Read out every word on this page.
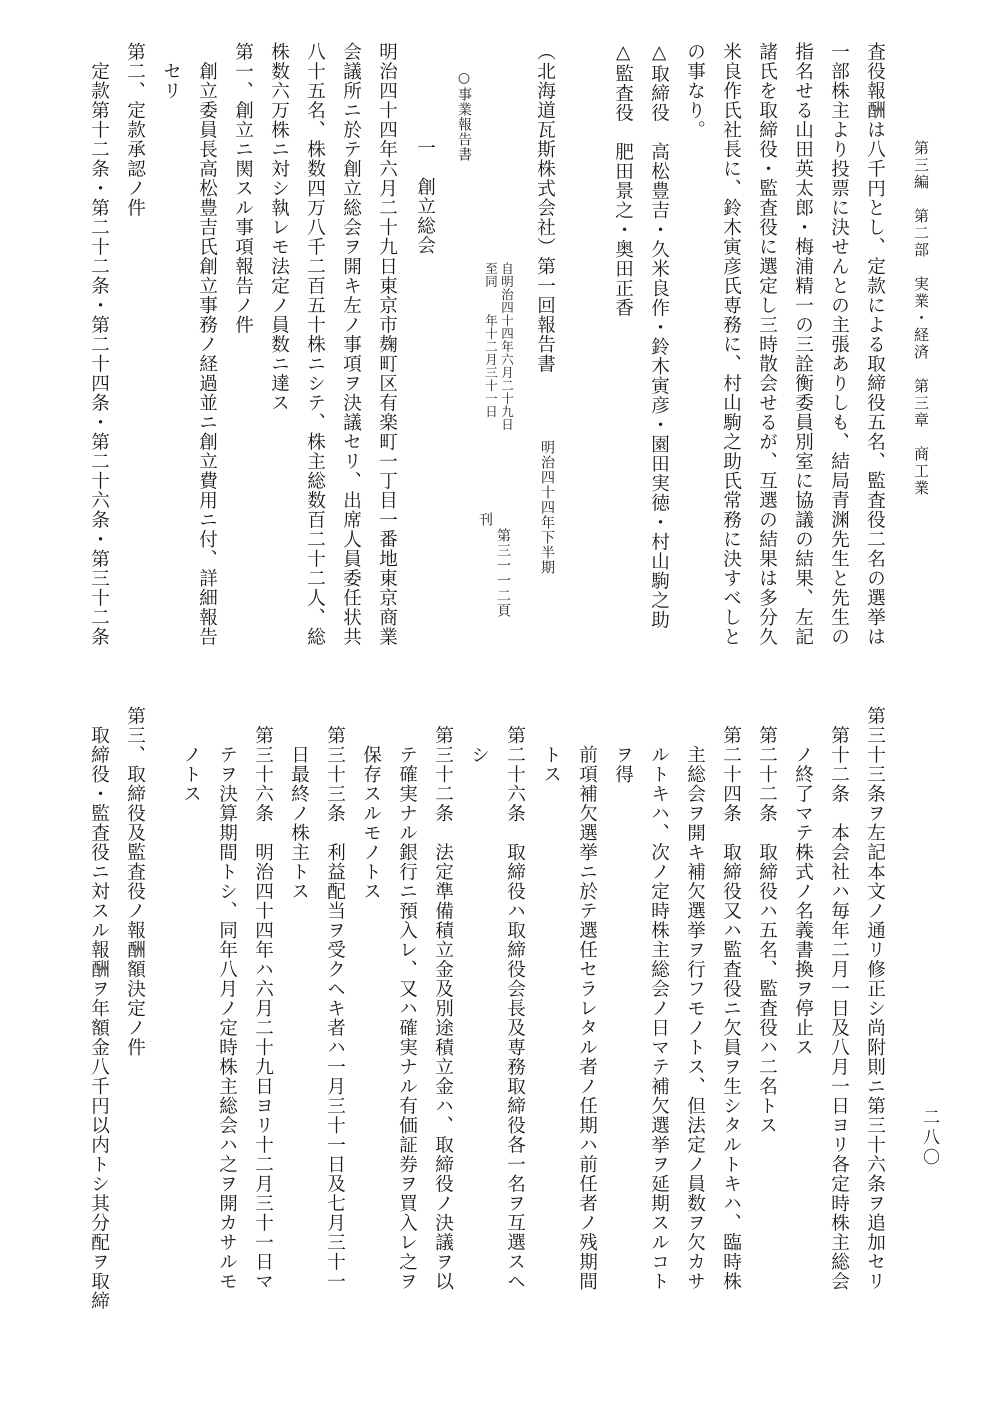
第三編　第二部　実業・経済　第三章　商工業
二八〇
査役報酬は八千円とし、定款による取締役五名、監査役二名の選挙は
一部株主より投票に決せんとの主張ありしも、結局青渊先生と先生の
指名せる山田英太郎・梅浦精一の三詮衡委員別室に協議の結果、左記
諸氏を取締役・監査役に選定し三時散会せるが、互選の結果は多分久
米良作氏社長に、鈴木寅彦氏専務に、村山駒之助氏常務に決すべしと
の事なり。
△取締役　高松豊吉・久米良作・鈴木寅彦・園田実徳・村山駒之助
△監査役　肥田景之・奥田正香
（北海道瓦斯株式会社）第一回報告書
明治四十四年下半期
自明治四十四年六月二十九日
至同　　年十二月三十一日
第三一一二頁
刊
○事業報告書
一　創立総会
明治四十四年六月二十九日東京市麹町区有楽町一丁目一番地東京商業
会議所ニ於テ創立総会ヲ開キ左ノ事項ヲ決議セリ、出席人員委任状共
八十五名、株数四万八千二百五十株ニシテ、株主総数百二十二人、総
株数六万株ニ対シ執レモ法定ノ員数ニ達ス
第一、創立ニ関スル事項報告ノ件
　創立委員長高松豊吉氏創立事務ノ経過並ニ創立費用ニ付、詳細報告
　セリ
第二、定款承認ノ件
　定款第十二条・第二十二条・第二十四条・第二十六条・第三十二条
第三十三条ヲ左記本文ノ通リ修正シ尚附則ニ第三十六条ヲ追加セリ
　第十二条　本会社ハ毎年二月一日及八月一日ヨリ各定時株主総会
　　ノ終了マテ株式ノ名義書換ヲ停止ス
　第二十二条　取締役ハ五名、監査役ハ二名トス
　第二十四条　取締役又ハ監査役ニ欠員ヲ生シタルトキハ、臨時株
　　主総会ヲ開キ補欠選挙ヲ行フモノトス、但法定ノ員数ヲ欠カサ
　　ルトキハ、次ノ定時株主総会ノ日マテ補欠選挙ヲ延期スルコト
　　ヲ得
　　前項補欠選挙ニ於テ選任セラレタル者ノ任期ハ前任者ノ残期間
　　トス
　第二十六条　取締役ハ取締役会長及専務取締役各一名ヲ互選スヘ
　　シ
　第三十二条　法定準備積立金及別途積立金ハ、取締役ノ決議ヲ以
　　テ確実ナル銀行ニ預入レ、又ハ確実ナル有価証券ヲ買入レ之ヲ
　　保存スルモノトス
　第三十三条　利益配当ヲ受クヘキ者ハ一月三十一日及七月三十一
　　日最終ノ株主トス
　第三十六条　明治四十四年ハ六月二十九日ヨリ十二月三十一日マ
　　テヲ決算期間トシ、同年八月ノ定時株主総会ハ之ヲ開カサルモ
　　ノトス
第三、取締役及監査役ノ報酬額決定ノ件
　取締役・監査役ニ対スル報酬ヲ年額金八千円以内トシ其分配ヲ取締
